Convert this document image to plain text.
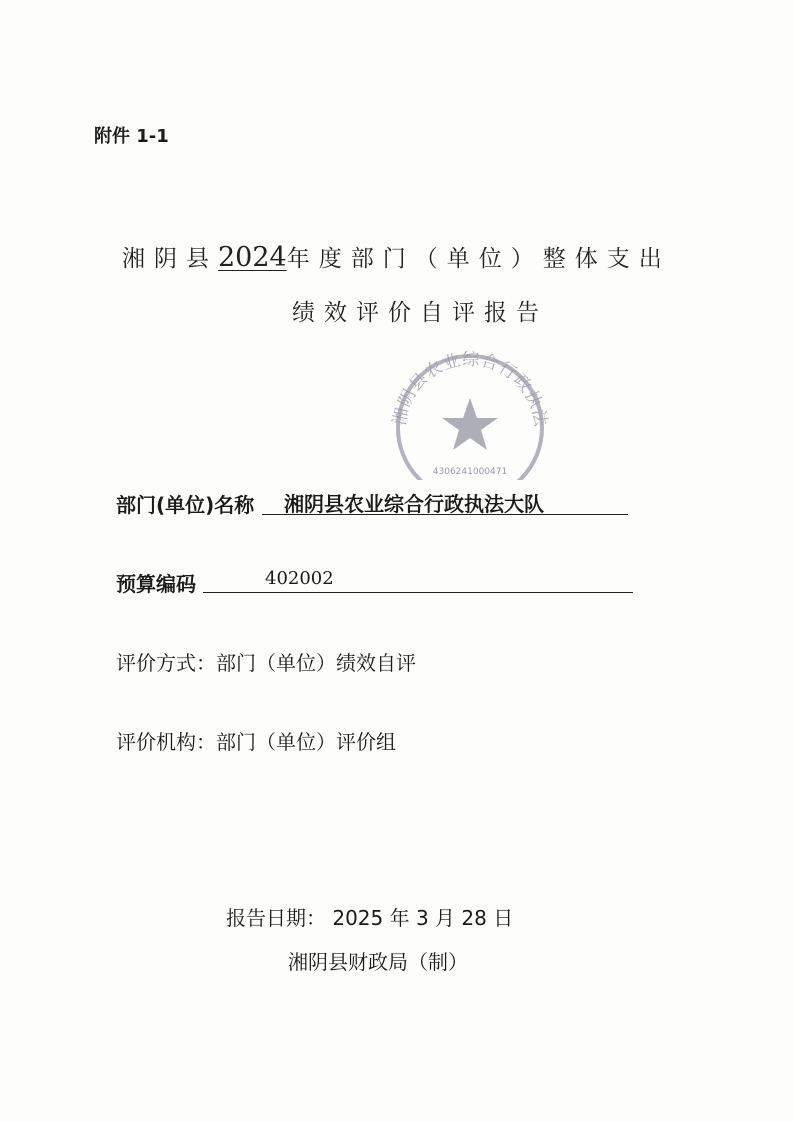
附件 1-1
湘阴县2024年度部门（单位）整体支出
绩效评价自评报告
湘阴县农业综合行政执法
4306241000471
部门(单位)名称 湘阴县农业综合行政执法大队
预算编码	402002
评价方式：部门（单位）绩效自评
评价机构：部门（单位）评价组
报告日期： 2025 年 3 月 28 日
湘阴县财政局（制）
